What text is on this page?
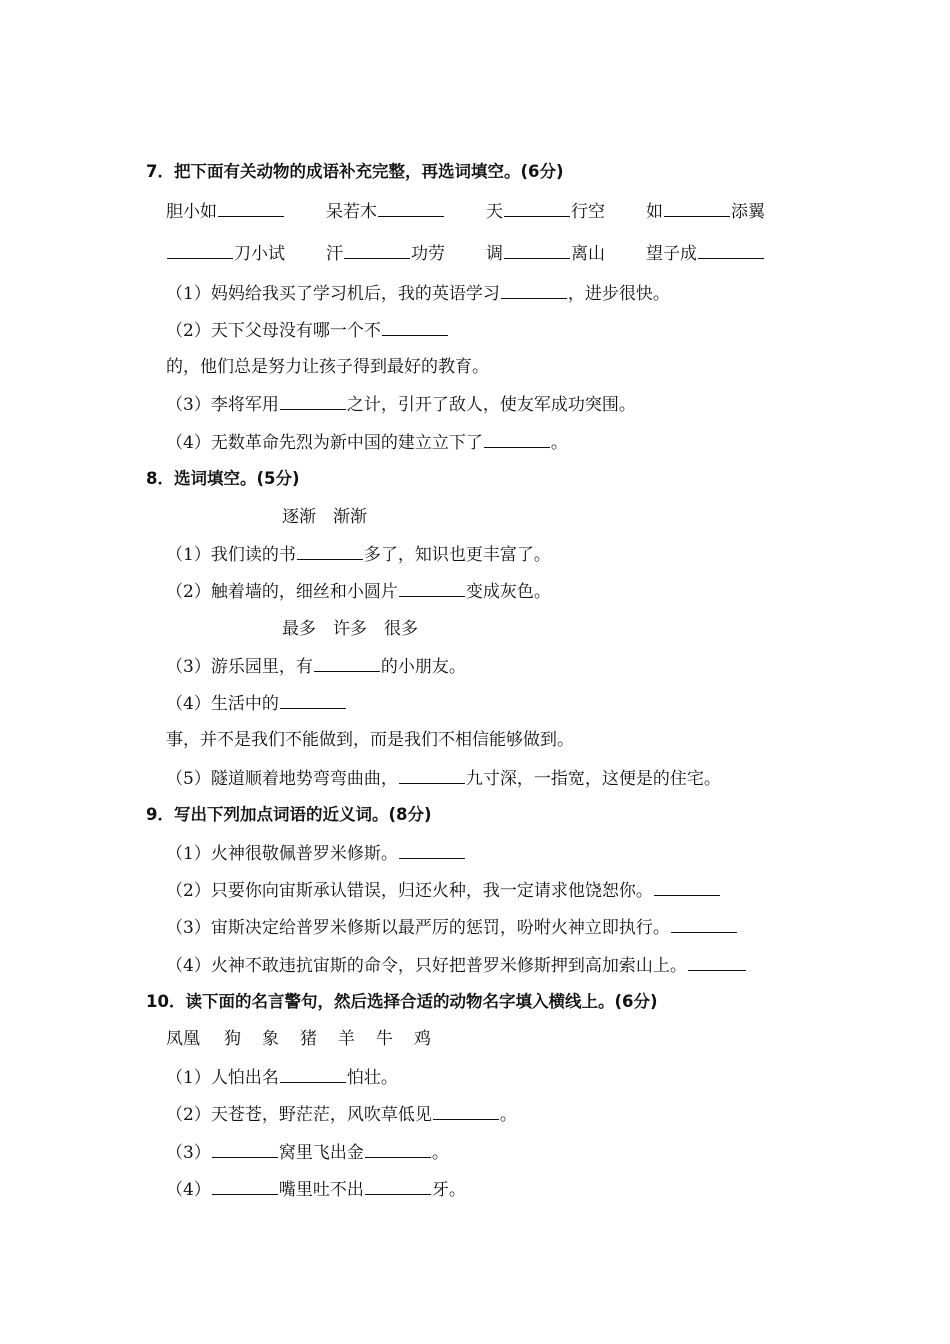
7．把下面有关动物的成语补充完整，再选词填空。(6分)
胆小如	呆若木	天	行空 如	添翼
刀小试 汗	功劳 调	离山 望子成
（1）妈妈给我买了学习机后，我的英语学习	，进步很快。
（2）天下父母没有哪一个不
的，他们总是努力让孩子得到最好的教育。
（3）李将军用	之计，引开了敌人，使友军成功突围。
（4）无数革命先烈为新中国的建立立下了	。
8．选词填空。(5分)
逐渐　渐渐
（1）我们读的书	多了，知识也更丰富了。
（2）触着墙的，细丝和小圆片	变成灰色。
最多　许多　很多
（3）游乐园里，有	的小朋友。
（4）生活中的
事，并不是我们不能做到，而是我们不相信能够做到。
（5）隧道顺着地势弯弯曲曲，	九寸深，一指宽，这便是的住宅。
9．写出下列加点词语的近义词。(8分)
（1）火神很敬佩普罗米修斯。
（2）只要你向宙斯承认错误，归还火种，我一定请求他饶恕你。
（3）宙斯决定给普罗米修斯以最严厉的惩罚，吩咐火神立即执行。
（4）火神不敢违抗宙斯的命令，只好把普罗米修斯押到高加索山上。
10．读下面的名言警句，然后选择合适的动物名字填入横线上。(6分)
凤凰 狗 象 猪 羊 牛 鸡
（1）人怕出名	怕壮。
（2）天苍苍，野茫茫，风吹草低见	。
（3）	窝里飞出金	。
（4）	嘴里吐不出	牙。
